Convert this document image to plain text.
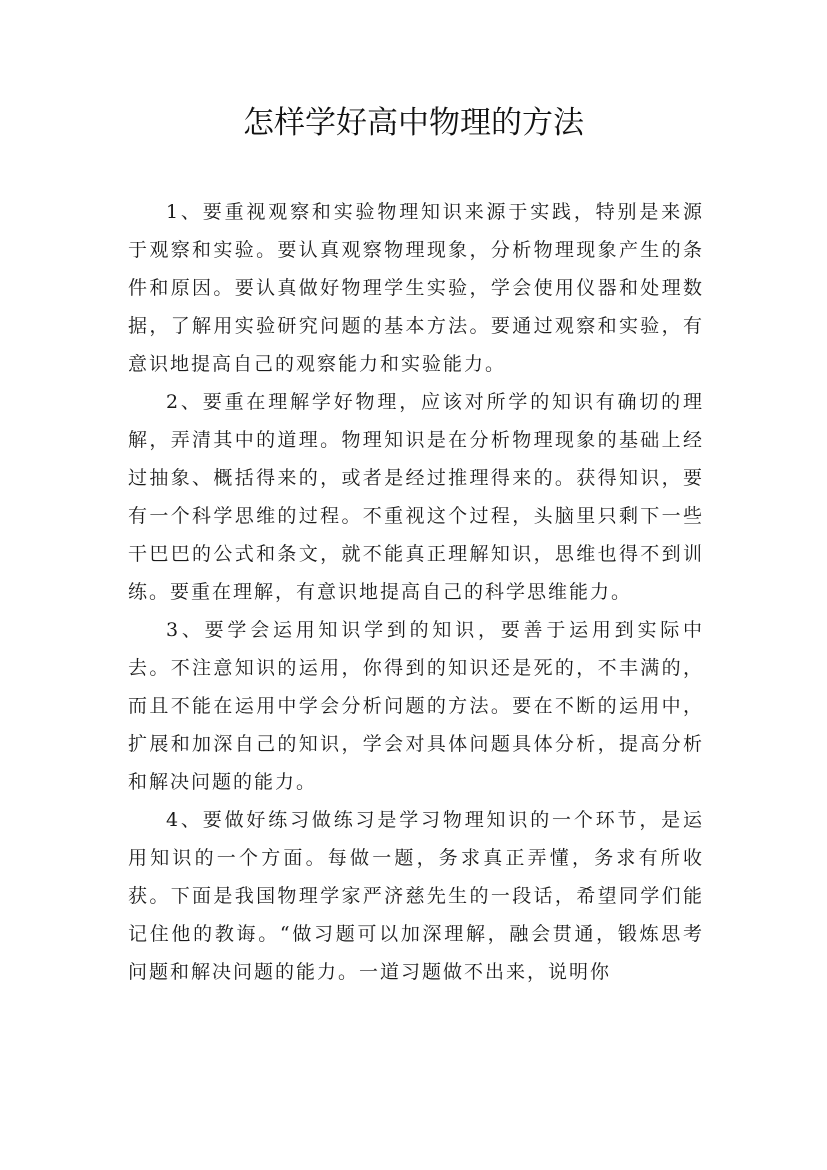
怎样学好高中物理的方法

1、要重视观察和实验物理知识来源于实践，特别是来源于观察和实验。要认真观察物理现象，分析物理现象产生的条件和原因。要认真做好物理学生实验，学会使用仪器和处理数据，了解用实验研究问题的基本方法。要通过观察和实验，有意识地提高自己的观察能力和实验能力。

2、要重在理解学好物理，应该对所学的知识有确切的理解，弄清其中的道理。物理知识是在分析物理现象的基础上经过抽象、概括得来的，或者是经过推理得来的。获得知识，要有一个科学思维的过程。不重视这个过程，头脑里只剩下一些干巴巴的公式和条文，就不能真正理解知识，思维也得不到训练。要重在理解，有意识地提高自己的科学思维能力。

3、要学会运用知识学到的知识，要善于运用到实际中去。不注意知识的运用，你得到的知识还是死的，不丰满的，而且不能在运用中学会分析问题的方法。要在不断的运用中，扩展和加深自己的知识，学会对具体问题具体分析，提高分析和解决问题的能力。

4、要做好练习做练习是学习物理知识的一个环节，是运用知识的一个方面。每做一题，务求真正弄懂，务求有所收获。下面是我国物理学家严济慈先生的一段话，希望同学们能记住他的教诲。“做习题可以加深理解，融会贯通，锻炼思考问题和解决问题的能力。一道习题做不出来，说明你
